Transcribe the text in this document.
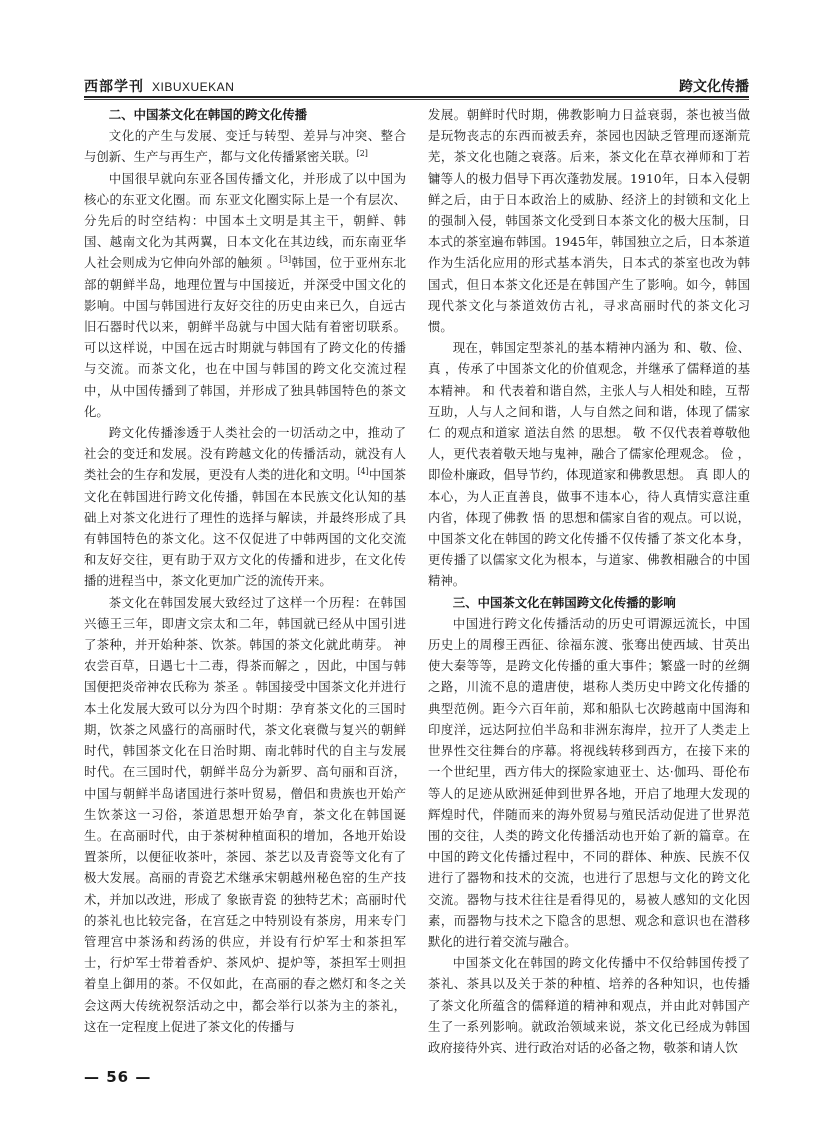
西部学刊 XIBUXUEKAN	跨文化传播

二、中国茶文化在韩国的跨文化传播

文化的产生与发展、变迁与转型、差异与冲突、整合与创新、生产与再生产，都与文化传播紧密关联。[2]

中国很早就向东亚各国传播文化，并形成了以中国为核心的东亚文化圈。而 东亚文化圈实际上是一个有层次、分先后的时空结构：中国本土文明是其主干，朝鲜、韩国、越南文化为其两翼，日本文化在其边线，而东南亚华人社会则成为它伸向外部的触须 。[3]韩国，位于亚州东北部的朝鲜半岛，地理位置与中国接近，并深受中国文化的影响。中国与韩国进行友好交往的历史由来已久，自远古旧石器时代以来，朝鲜半岛就与中国大陆有着密切联系。可以这样说，中国在远古时期就与韩国有了跨文化的传播与交流。而茶文化，也在中国与韩国的跨文化交流过程中，从中国传播到了韩国，并形成了独具韩国特色的茶文化。

跨文化传播渗透于人类社会的一切活动之中，推动了社会的变迁和发展。没有跨越文化的传播活动，就没有人类社会的生存和发展，更没有人类的进化和文明。[4]中国茶文化在韩国进行跨文化传播，韩国在本民族文化认知的基础上对茶文化进行了理性的选择与解读，并最终形成了具有韩国特色的茶文化。这不仅促进了中韩两国的文化交流和友好交往，更有助于双方文化的传播和进步，在文化传播的进程当中，茶文化更加广泛的流传开来。

茶文化在韩国发展大致经过了这样一个历程：在韩国兴德王三年，即唐文宗太和二年，韩国就已经从中国引进了茶种，并开始种茶、饮茶。韩国的茶文化就此萌芽。 神农尝百草，日遇七十二毒，得茶而解之 ，因此，中国与韩国便把炎帝神农氏称为 茶圣 。韩国接受中国茶文化并进行本土化发展大致可以分为四个时期：孕育茶文化的三国时期，饮茶之风盛行的高丽时代，茶文化衰微与复兴的朝鲜时代，韩国茶文化在日治时期、南北韩时代的自主与发展时代。在三国时代，朝鲜半岛分为新罗、高句丽和百济，中国与朝鲜半岛诸国进行茶叶贸易，僧侣和贵族也开始产生饮茶这一习俗，茶道思想开始孕育，茶文化在韩国诞生。在高丽时代，由于茶树种植面积的增加，各地开始设置茶所，以便征收茶叶，茶园、茶艺以及青瓷等文化有了极大发展。高丽的青瓷艺术继承宋朝越州秘色窑的生产技术，并加以改进，形成了 象嵌青瓷 的独特艺术；高丽时代的茶礼也比较完备，在宫廷之中特别设有茶房，用来专门管理宫中茶汤和药汤的供应，并设有行炉军士和茶担军士，行炉军士带着香炉、茶风炉、提炉等，茶担军士则担着皇上御用的茶。不仅如此，在高丽的春之燃灯和冬之关会这两大传统祝祭活动之中，都会举行以茶为主的茶礼，这在一定程度上促进了茶文化的传播与

发展。朝鲜时代时期，佛教影响力日益衰弱，茶也被当做是玩物丧志的东西而被丢弃，茶园也因缺乏管理而逐渐荒芜，茶文化也随之衰落。后来，茶文化在草衣禅师和丁若镛等人的极力倡导下再次蓬勃发展。1910年，日本入侵朝鲜之后，由于日本政治上的威胁、经济上的封锁和文化上的强制入侵，韩国茶文化受到日本茶文化的极大压制，日本式的茶室遍布韩国。1945年，韩国独立之后，日本茶道作为生活化应用的形式基本消失，日本式的茶室也改为韩国式，但日本茶文化还是在韩国产生了影响。如今，韩国现代茶文化与茶道效仿古礼，寻求高丽时代的茶文化习惯。

现在，韩国定型茶礼的基本精神内涵为 和、敬、俭、真 ，传承了中国茶文化的价值观念，并继承了儒释道的基本精神。 和 代表着和谐自然，主张人与人相处和睦，互帮互助，人与人之间和谐，人与自然之间和谐，体现了儒家 仁 的观点和道家 道法自然 的思想。 敬 不仅代表着尊敬他人，更代表着敬天地与鬼神，融合了儒家伦理观念。 俭 ，即俭朴廉政，倡导节约，体现道家和佛教思想。 真 即人的本心，为人正直善良，做事不违本心，待人真情实意注重内省，体现了佛教 悟 的思想和儒家自省的观点。可以说，中国茶文化在韩国的跨文化传播不仅传播了茶文化本身，更传播了以儒家文化为根本，与道家、佛教相融合的中国精神。

三、中国茶文化在韩国跨文化传播的影响

中国进行跨文化传播活动的历史可谓源远流长，中国历史上的周穆王西征、徐福东渡、张骞出使西域、甘英出使大秦等等，是跨文化传播的重大事件；繁盛一时的丝绸之路，川流不息的遣唐使，堪称人类历史中跨文化传播的典型范例。距今六百年前，郑和船队七次跨越南中国海和印度洋，远达阿拉伯半岛和非洲东海岸，拉开了人类走上世界性交往舞台的序幕。将视线转移到西方，在接下来的一个世纪里，西方伟大的探险家迪亚士、达·伽玛、哥伦布等人的足迹从欧洲延伸到世界各地，开启了地理大发现的辉煌时代，伴随而来的海外贸易与殖民活动促进了世界范围的交往，人类的跨文化传播活动也开始了新的篇章。在中国的跨文化传播过程中，不同的群体、种族、民族不仅进行了器物和技术的交流，也进行了思想与文化的跨文化交流。器物与技术往往是看得见的，易被人感知的文化因素，而器物与技术之下隐含的思想、观念和意识也在潜移默化的进行着交流与融合。

中国茶文化在韩国的跨文化传播中不仅给韩国传授了茶礼、茶具以及关于茶的种植、培养的各种知识，也传播了茶文化所蕴含的儒释道的精神和观点，并由此对韩国产生了一系列影响。就政治领域来说，茶文化已经成为韩国政府接待外宾、进行政治对话的必备之物，敬茶和请人饮

— 56 —
